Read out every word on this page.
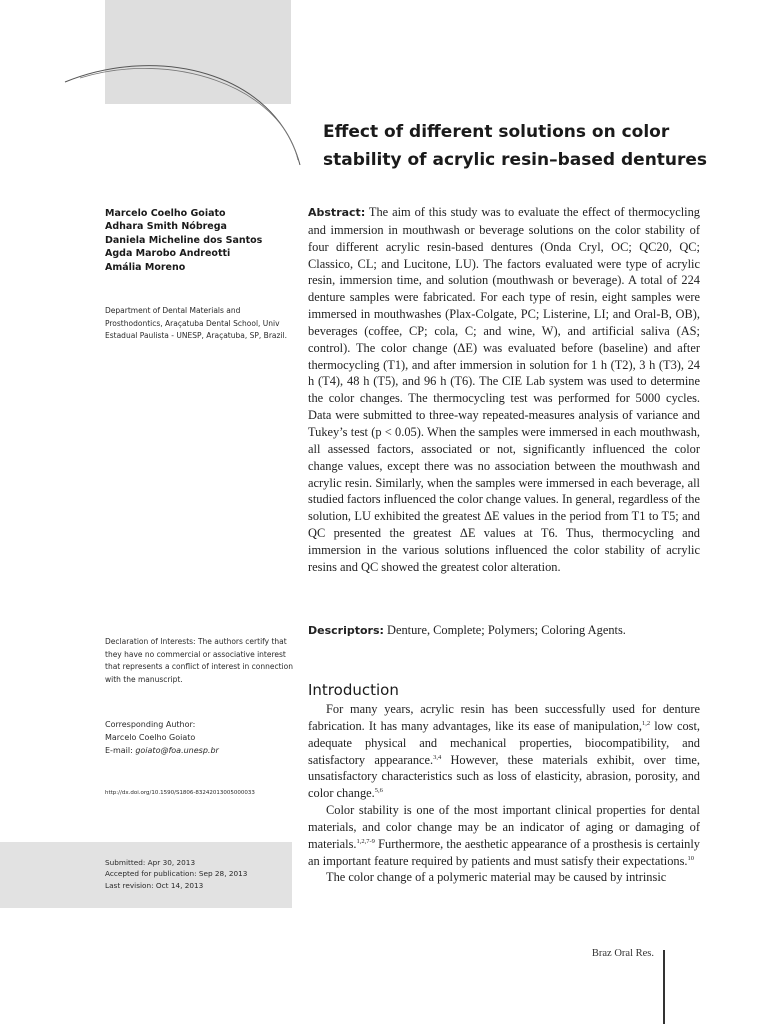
Effect of different solutions on color
stability of acrylic resin–based dentures
Marcelo Coelho Goiato
Adhara Smith Nóbrega
Daniela Micheline dos Santos
Agda Marobo Andreotti
Amália Moreno
Department of Dental Materials and Prosthodontics, Araçatuba Dental School, Univ Estadual Paulista - UNESP, Araçatuba, SP, Brazil.
Abstract: The aim of this study was to evaluate the effect of thermocycling and immersion in mouthwash or beverage solutions on the color stability of four different acrylic resin-based dentures (Onda Cryl, OC; QC20, QC; Classico, CL; and Lucitone, LU). The factors evaluated were type of acrylic resin, immersion time, and solution (mouthwash or beverage). A total of 224 denture samples were fabricated. For each type of resin, eight samples were immersed in mouthwashes (Plax-Colgate, PC; Listerine, LI; and Oral-B, OB), beverages (coffee, CP; cola, C; and wine, W), and artificial saliva (AS; control). The color change (ΔE) was evaluated before (baseline) and after thermocycling (T1), and after immersion in solution for 1 h (T2), 3 h (T3), 24 h (T4), 48 h (T5), and 96 h (T6). The CIE Lab system was used to determine the color changes. The thermocycling test was performed for 5000 cycles. Data were submitted to three-way repeated-measures analysis of variance and Tukey’s test (p < 0.05). When the samples were immersed in each mouthwash, all assessed factors, associated or not, significantly influenced the color change values, except there was no association between the mouthwash and acrylic resin. Similarly, when the samples were immersed in each beverage, all studied factors influenced the color change values. In general, regardless of the solution, LU exhibited the greatest ΔE values in the period from T1 to T5; and QC presented the greatest ΔE values at T6. Thus, thermocycling and immersion in the various solutions influenced the color stability of acrylic resins and QC showed the greatest color alteration.
Descriptors: Denture, Complete; Polymers; Coloring Agents.
Declaration of Interests: The authors certify that they have no commercial or associative interest that represents a conflict of interest in connection with the manuscript.
Corresponding Author:
Marcelo Coelho Goiato
E-mail: goiato@foa.unesp.br
http://dx.doi.org/10.1590/S1806-83242013005000033
Submitted: Apr 30, 2013
Accepted for publication: Sep 28, 2013
Last revision: Oct 14, 2013
Introduction

For many years, acrylic resin has been successfully used for denture fabrication. It has many advantages, like its ease of manipulation,$^{1,2}$ low cost, adequate physical and mechanical properties, biocompatibility, and satisfactory appearance.$^{3,4}$ However, these materials exhibit, over time, unsatisfactory characteristics such as loss of elasticity, abrasion, porosity, and color change.$^{5,6}$

Color stability is one of the most important clinical properties for dental materials, and color change may be an indicator of aging or damaging of materials.$^{1,2,7-9}$ Furthermore, the aesthetic appearance of a prosthesis is certainly an important feature required by patients and must satisfy their expectations.$^{10}$

The color change of a polymeric material may be caused by intrinsic

Braz Oral Res.
